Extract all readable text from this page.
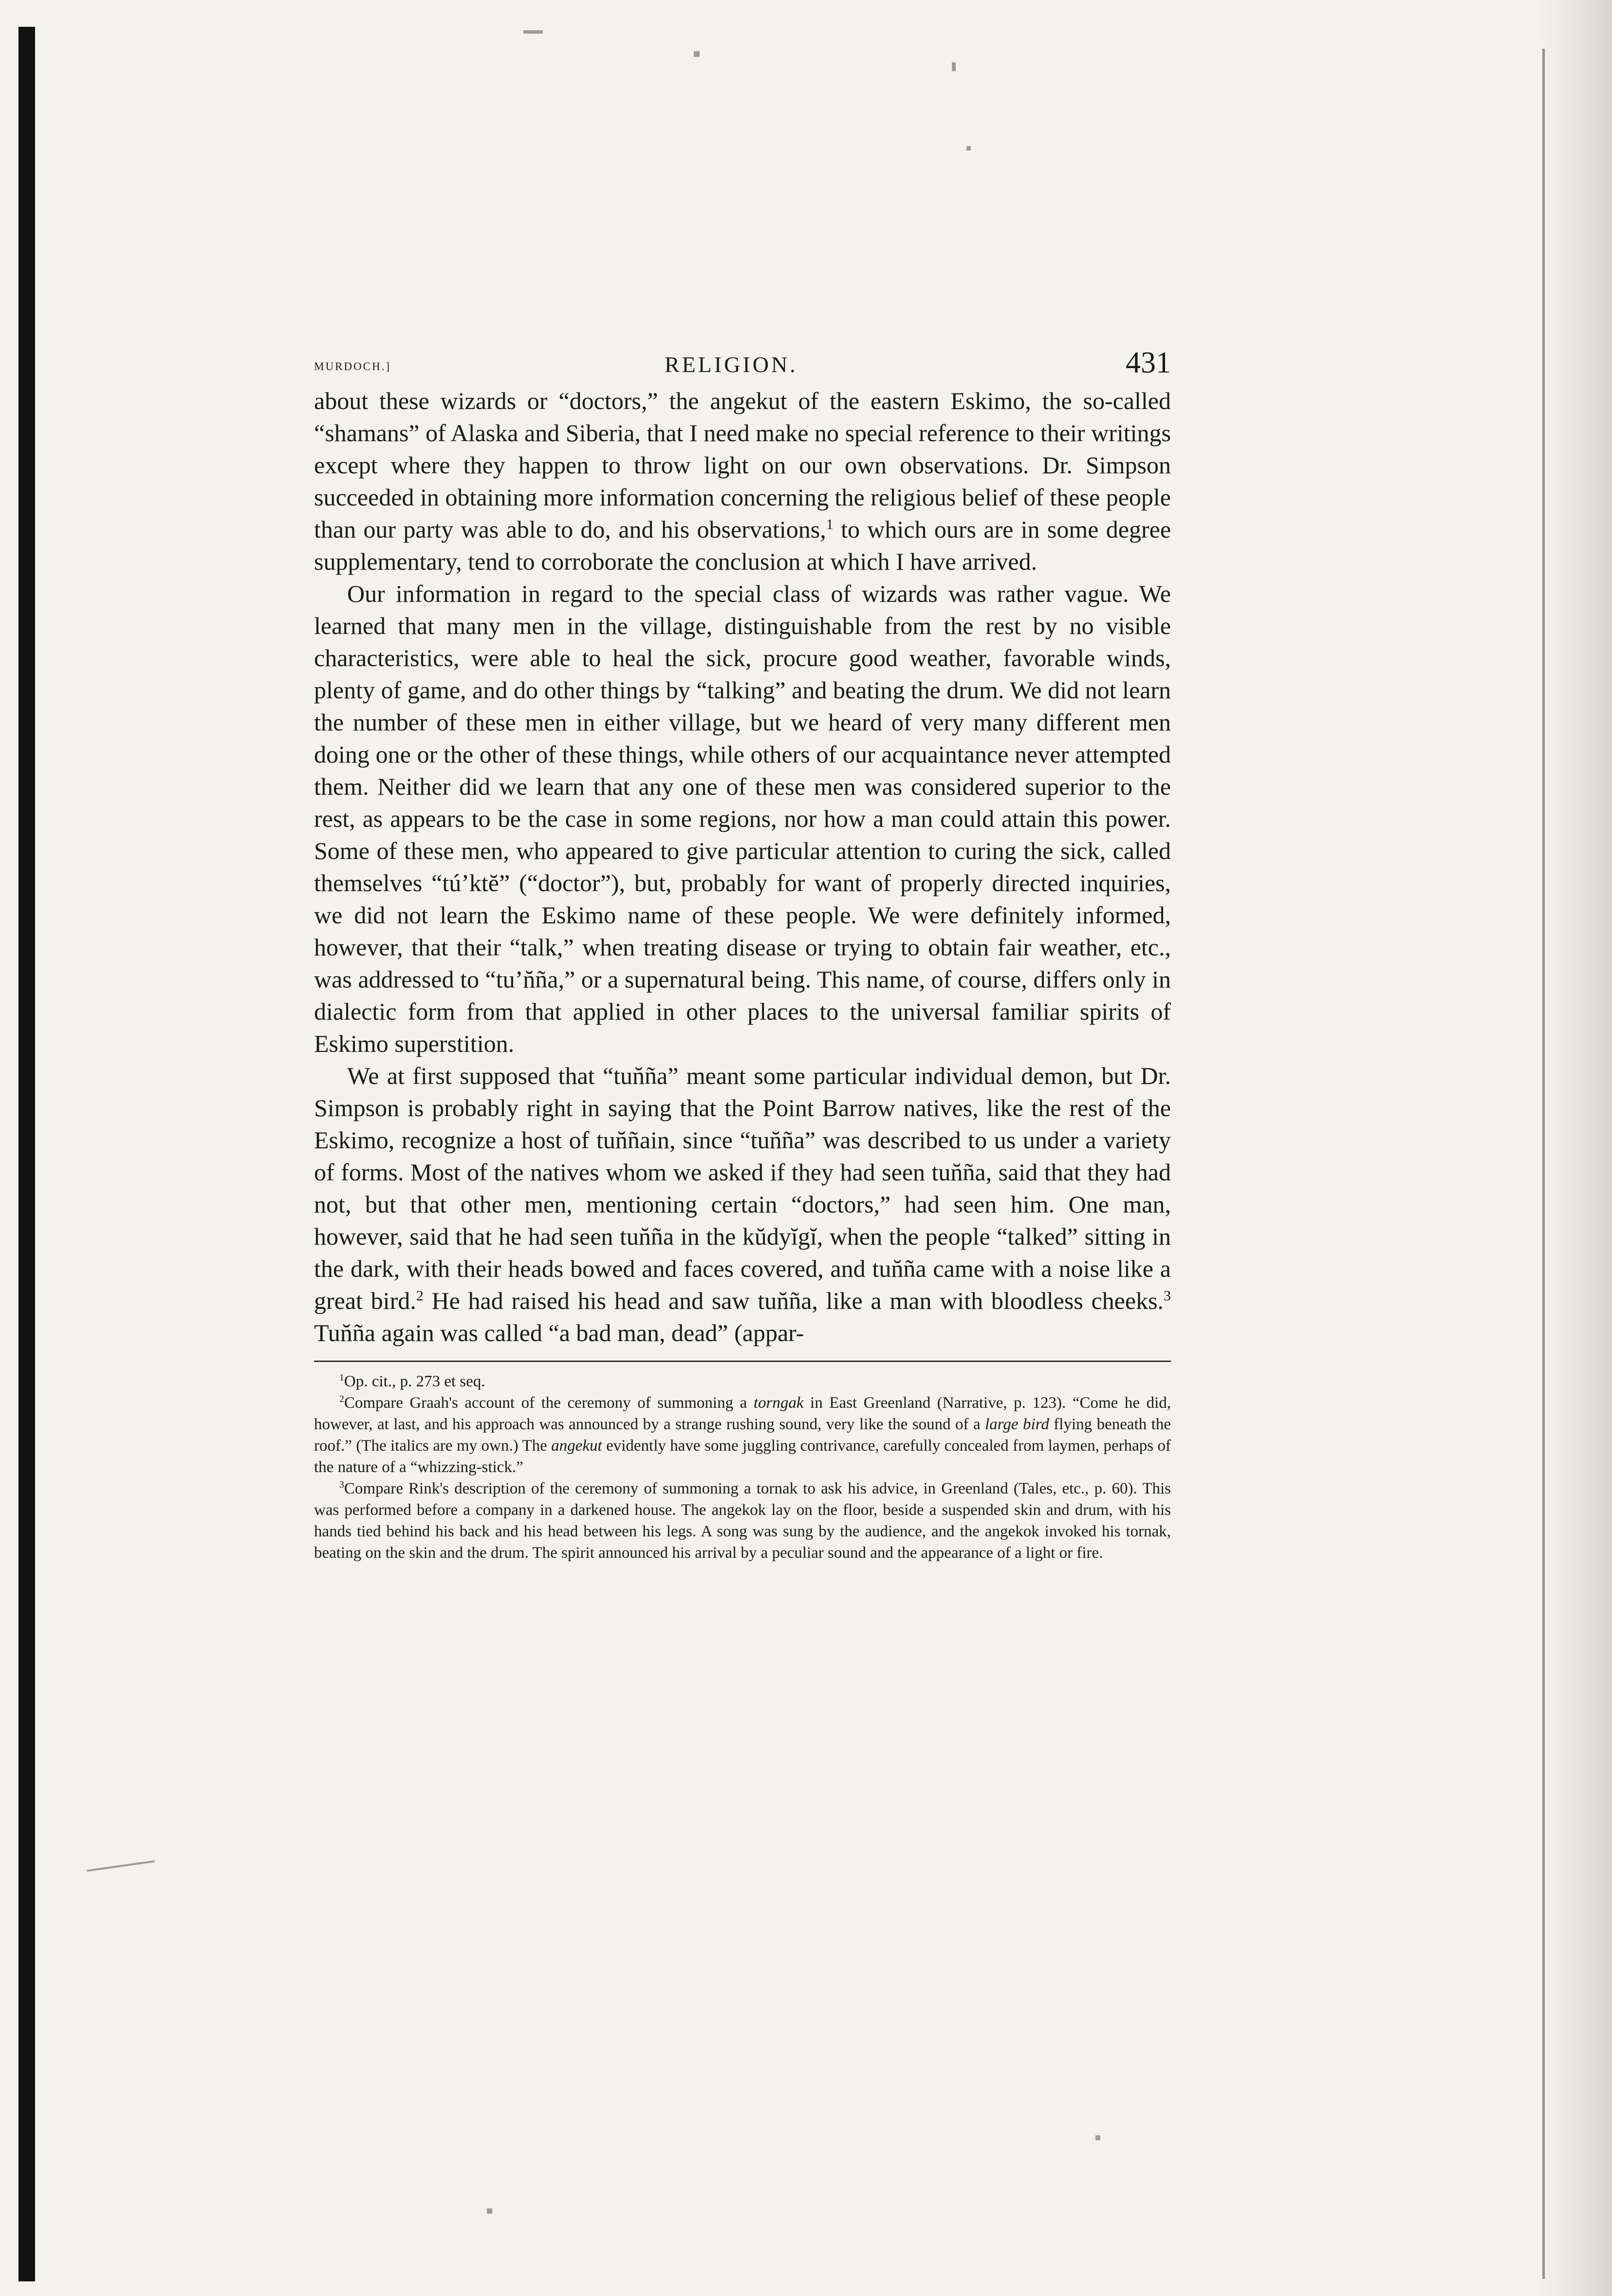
MURDOCH.]	RELIGION.	431

about these wizards or “doctors,” the angekut of the eastern Eskimo, the so-called “shamans” of Alaska and Siberia, that I need make no special reference to their writings except where they happen to throw light on our own observations. Dr. Simpson succeeded in obtaining more information concerning the religious belief of these people than our party was able to do, and his observations,$^1$ to which ours are in some degree supplementary, tend to corroborate the conclusion at which I have arrived.

Our information in regard to the special class of wizards was rather vague. We learned that many men in the village, distinguishable from the rest by no visible characteristics, were able to heal the sick, procure good weather, favorable winds, plenty of game, and do other things by “talking” and beating the drum. We did not learn the number of these men in either village, but we heard of very many different men doing one or the other of these things, while others of our acquaintance never attempted them. Neither did we learn that any one of these men was considered superior to the rest, as appears to be the case in some regions, nor how a man could attain this power. Some of these men, who appeared to give particular attention to curing the sick, called themselves “túʼktĕ” (“doctor”), but, probably for want of properly directed inquiries, we did not learn the Eskimo name of these people. We were definitely informed, however, that their “talk,” when treating disease or trying to obtain fair weather, etc., was addressed to “tuʼn̆ña,” or a supernatural being. This name, of course, differs only in dialectic form from that applied in other places to the universal familiar spirits of Eskimo superstition.

We at first supposed that “tun̆ña” meant some particular individual demon, but Dr. Simpson is probably right in saying that the Point Barrow natives, like the rest of the Eskimo, recognize a host of tun̆ñain, since “tun̆ña” was described to us under a variety of forms. Most of the natives whom we asked if they had seen tun̆ña, said that they had not, but that other men, mentioning certain “doctors,” had seen him. One man, however, said that he had seen tun̆ña in the kŭdyĭgĭ, when the people “talked” sitting in the dark, with their heads bowed and faces covered, and tun̆ña came with a noise like a great bird.$^2$ He had raised his head and saw tun̆ña, like a man with bloodless cheeks.$^3$ Tun̆ña again was called “a bad man, dead” (appar-

$^1$Op. cit., p. 273 et seq.

$^2$Compare Graah's account of the ceremony of summoning a torngak in East Greenland (Narrative, p. 123). “Come he did, however, at last, and his approach was announced by a strange rushing sound, very like the sound of a large bird flying beneath the roof.” (The italics are my own.) The angekut evidently have some juggling contrivance, carefully concealed from laymen, perhaps of the nature of a “whizzing-stick.”

$^3$Compare Rink's description of the ceremony of summoning a tornak to ask his advice, in Greenland (Tales, etc., p. 60). This was performed before a company in a darkened house. The angekok lay on the floor, beside a suspended skin and drum, with his hands tied behind his back and his head between his legs. A song was sung by the audience, and the angekok invoked his tornak, beating on the skin and the drum. The spirit announced his arrival by a peculiar sound and the appearance of a light or fire.
